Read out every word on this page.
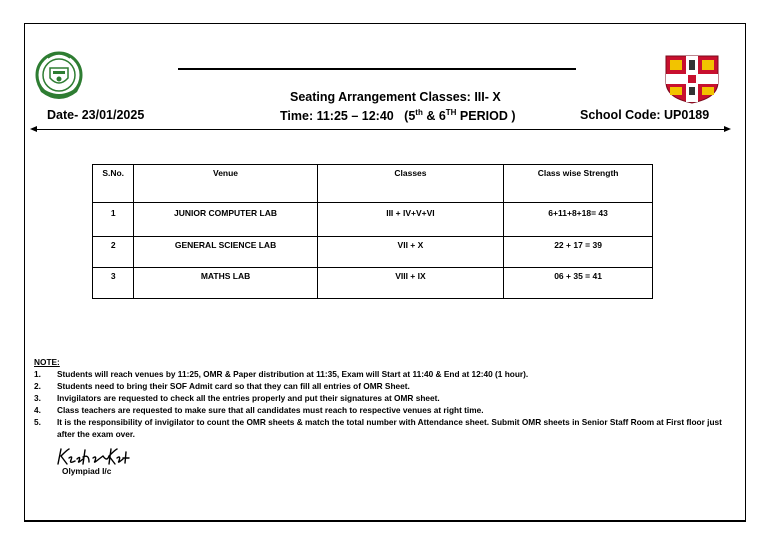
Seating Arrangement Classes: III- X
Time: 11:25 – 12:40 (5th & 6TH PERIOD )
Date- 23/01/2025	School Code: UP0189
S.No.	Venue	Classes	Class wise Strength
1	JUNIOR COMPUTER LAB	III + IV+V+VI	6+11+8+18= 43
2	GENERAL SCIENCE LAB	VII + X	22 + 17 = 39
3	MATHS LAB	VIII + IX	06 + 35 = 41
NOTE:
1. Students will reach venues by 11:25, OMR & Paper distribution at 11:35, Exam will Start at 11:40 & End at 12:40 (1 hour).
2. Students need to bring their SOF Admit card so that they can fill all entries of OMR Sheet.
3. Invigilators are requested to check all the entries properly and put their signatures at OMR sheet.
4. Class teachers are requested to make sure that all candidates must reach to respective venues at right time.
5. It is the responsibility of invigilator to count the OMR sheets & match the total number with Attendance sheet. Submit OMR sheets in Senior Staff Room at First floor just after the exam over.
Olympiad I/c
